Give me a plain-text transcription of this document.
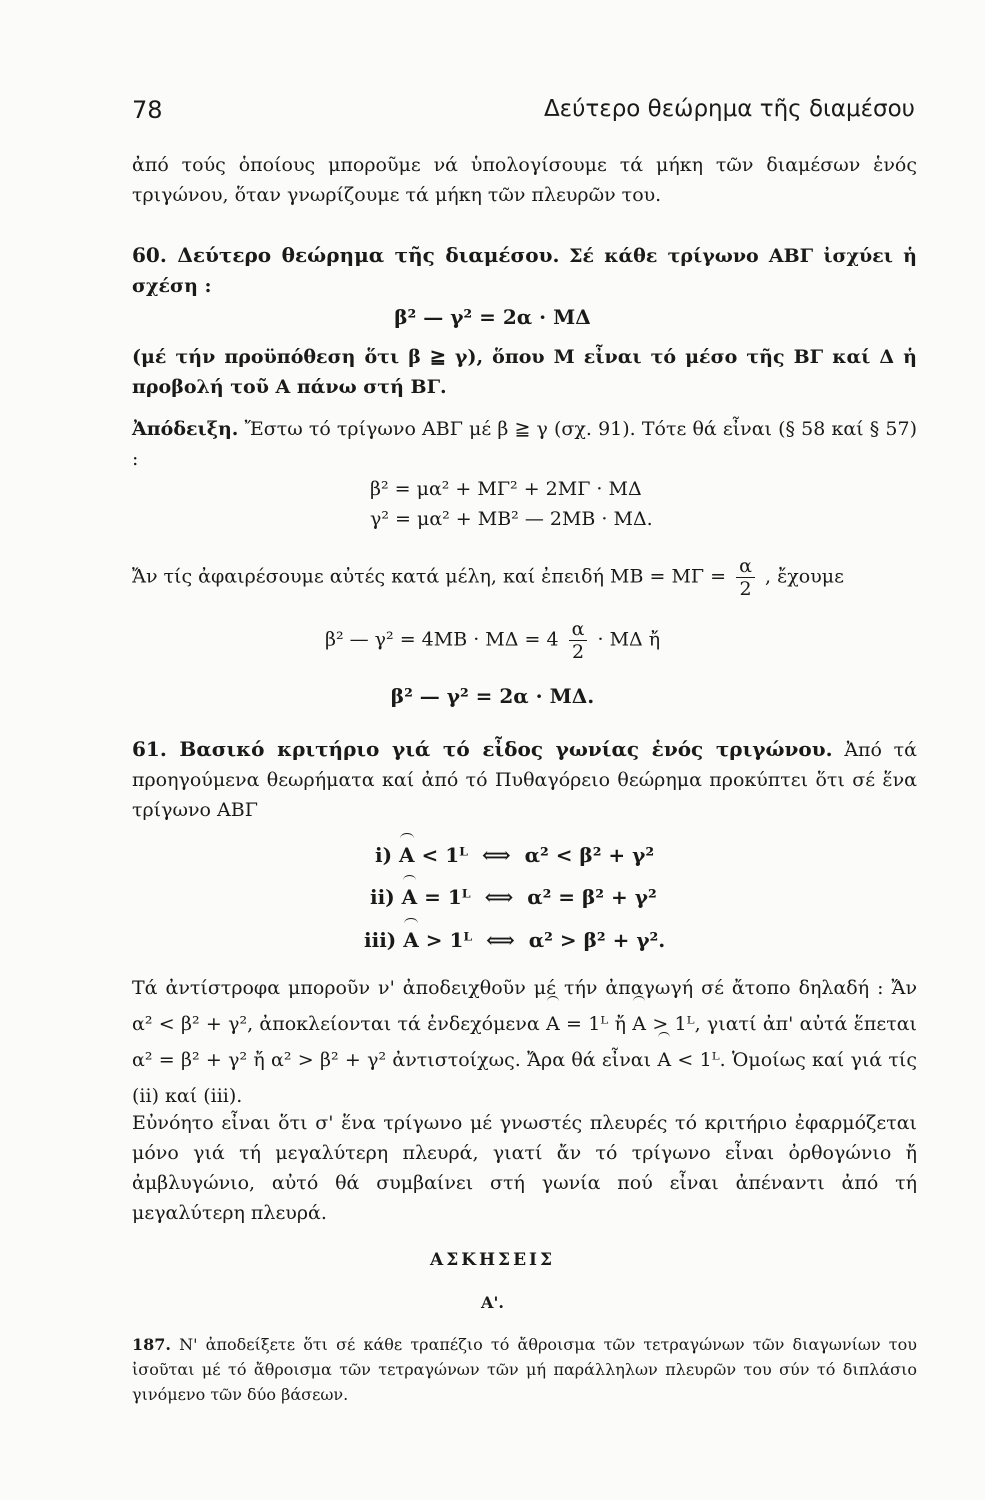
78	Δεύτερο θεώρημα τῆς διαμέσου
ἀπό τούς ὁποίους μποροῦμε νά ὑπολογίσουμε τά μήκη τῶν διαμέσων ἑνός τριγώνου, ὅταν γνωρίζουμε τά μήκη τῶν πλευρῶν του.
60. Δεύτερο θεώρημα τῆς διαμέσου. Σέ κάθε τρίγωνο ΑΒΓ ἰσχύει ἡ σχέση :
β² — γ² = 2α · ΜΔ
(μέ τήν προϋπόθεση ὅτι β ≧ γ), ὅπου Μ εἶναι τό μέσο τῆς ΒΓ καί Δ ἡ προβολή τοῦ Α πάνω στή ΒΓ.
Ἀπόδειξη. Ἔστω τό τρίγωνο ΑΒΓ μέ β ≧ γ (σχ. 91). Τότε θά εἶναι (§ 58 καί § 57) :
β² = μα² + ΜΓ² + 2ΜΓ · ΜΔ
γ² = μα² + ΜΒ² — 2ΜΒ · ΜΔ.
Ἄν τίς ἀφαιρέσουμε αὐτές κατά μέλη, καί ἐπειδή $MB = M\Gamma = \frac{\alpha}{2}$ , ἔχουμε
β² — $\gamma^2 = 4MB \cdot M\Delta = 4 \frac{\alpha}{2} \cdot M\Delta$ ἤ
β² — γ² = 2α · ΜΔ.
61. Βασικό κριτήριο γιά τό εἶδος γωνίας ἑνός τριγώνου. Ἀπό τά προηγούμενα θεωρήματα καί ἀπό τό Πυθαγόρειο θεώρημα προκύπτει ὅτι σέ ἕνα τρίγωνο ΑΒΓ
i) Α < 1ᴸ ⟺ α² < β² + γ²
ii) Α = 1ᴸ ⟺ α² = β² + γ²
iii) Α > 1ᴸ ⟺ α² > β² + γ².
Τά ἀντίστροφα μποροῦν ν' ἀποδειχθοῦν μέ τήν ἀπαγωγή σέ ἄτοπο δηλαδή : Ἄν α² < β² + γ², ἀποκλείονται τά ἐνδεχόμενα Α = 1ᴸ ἤ Α > 1ᴸ, γιατί ἀπ' αὐτά ἕπεται α² = β² + γ² ἤ α² > β² + γ² ἀντιστοίχως. Ἄρα θά εἶναι Α < 1ᴸ. Ὁμοίως καί γιά τίς (ii) καί (iii).
Εὐνόητο εἶναι ὅτι σ' ἕνα τρίγωνο μέ γνωστές πλευρές τό κριτήριο ἐφαρμόζεται μόνο γιά τή μεγαλύτερη πλευρά, γιατί ἄν τό τρίγωνο εἶναι ὀρθογώνιο ἤ ἀμβλυγώνιο, αὐτό θά συμβαίνει στή γωνία πού εἶναι ἀπέναντι ἀπό τή μεγαλύτερη πλευρά.
ΑΣΚΗΣΕΙΣ
Α'.
187. Ν' ἀποδείξετε ὅτι σέ κάθε τραπέζιο τό ἄθροισμα τῶν τετραγώνων τῶν διαγωνίων του ἰσοῦται μέ τό ἄθροισμα τῶν τετραγώνων τῶν μή παράλληλων πλευρῶν του σύν τό διπλάσιο γινόμενο τῶν δύο βάσεων.
